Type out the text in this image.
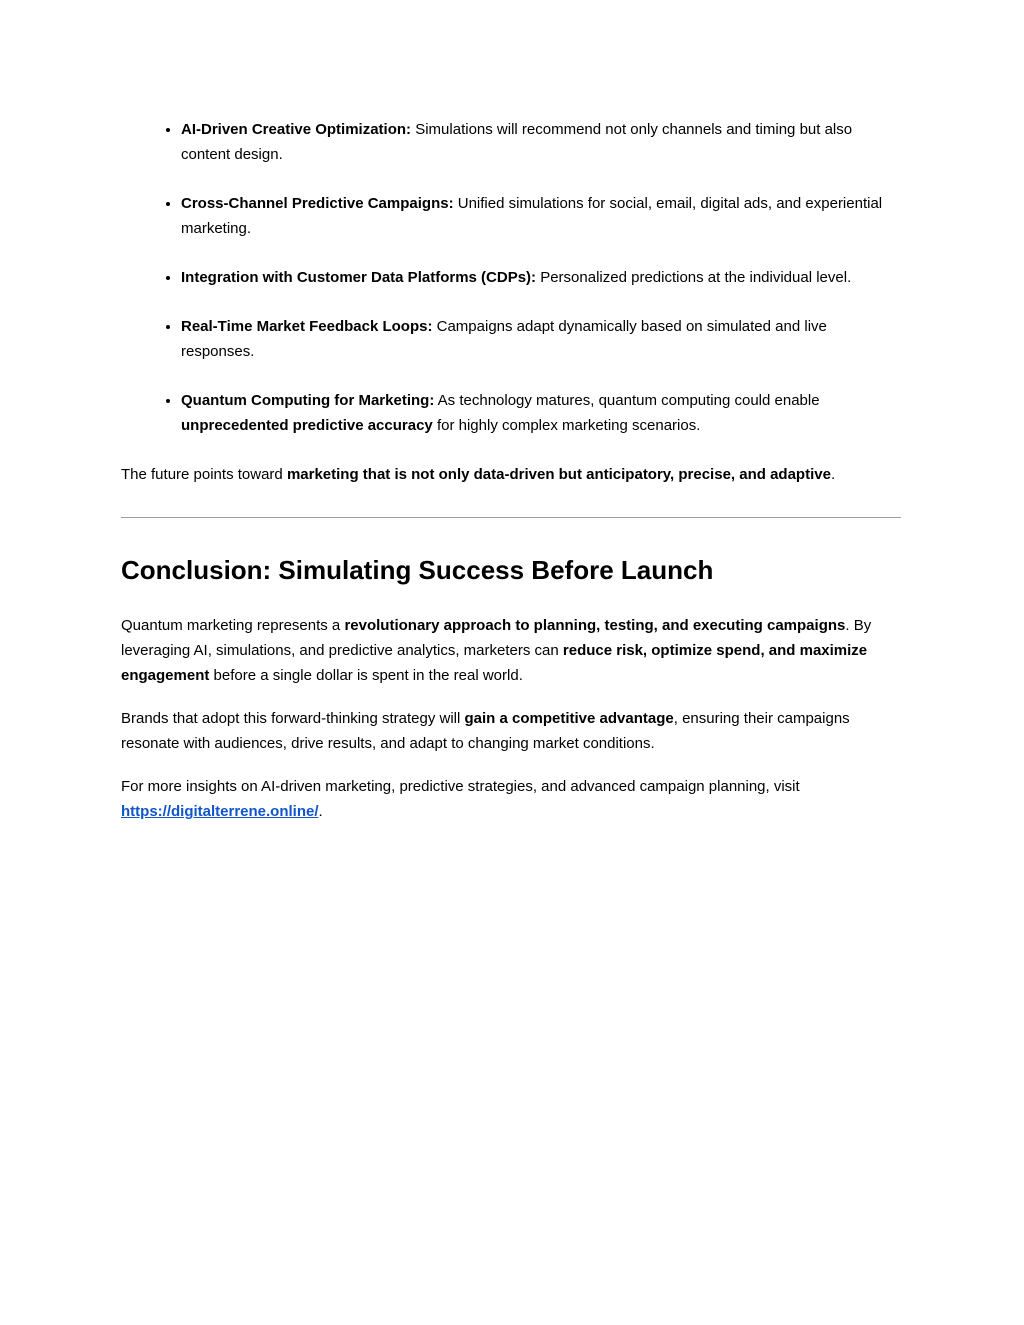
• AI-Driven Creative Optimization: Simulations will recommend not only channels and timing but also content design.
• Cross-Channel Predictive Campaigns: Unified simulations for social, email, digital ads, and experiential marketing.
• Integration with Customer Data Platforms (CDPs): Personalized predictions at the individual level.
• Real-Time Market Feedback Loops: Campaigns adapt dynamically based on simulated and live responses.
• Quantum Computing for Marketing: As technology matures, quantum computing could enable unprecedented predictive accuracy for highly complex marketing scenarios.

The future points toward marketing that is not only data-driven but anticipatory, precise, and adaptive.

Conclusion: Simulating Success Before Launch

Quantum marketing represents a revolutionary approach to planning, testing, and executing campaigns. By leveraging AI, simulations, and predictive analytics, marketers can reduce risk, optimize spend, and maximize engagement before a single dollar is spent in the real world.

Brands that adopt this forward-thinking strategy will gain a competitive advantage, ensuring their campaigns resonate with audiences, drive results, and adapt to changing market conditions.

For more insights on AI-driven marketing, predictive strategies, and advanced campaign planning, visit https://digitalterrene.online/.
